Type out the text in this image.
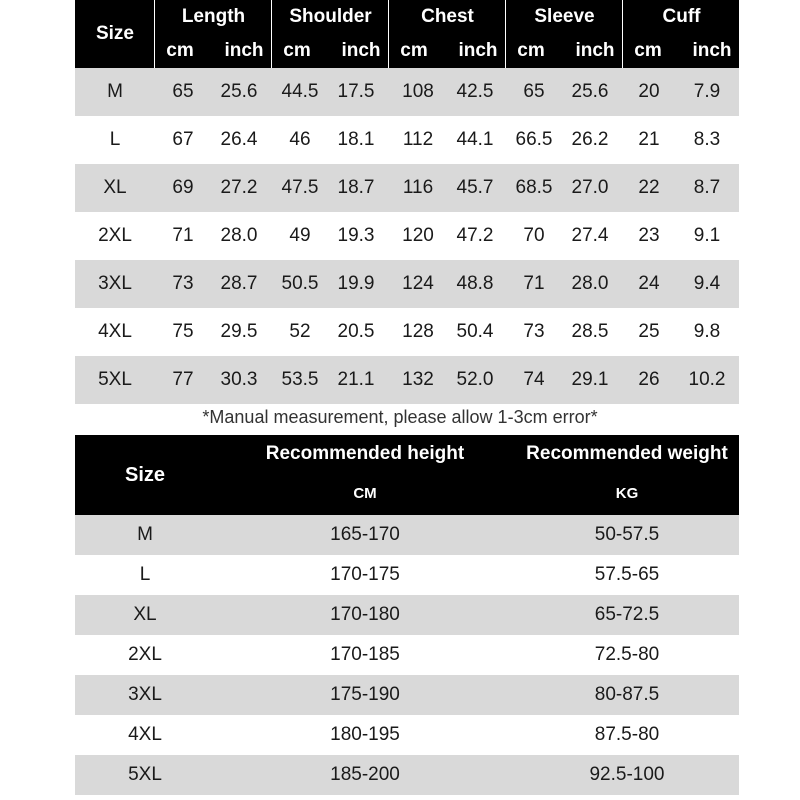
Size
Length
cm	inch
Shoulder
cm	inch
Chest
cm	inch
Sleeve
cm	inch
Cuff
cm	inch
M	65	25.6	44.5	17.5	108	42.5	65	25.6	20	7.9
L	67	26.4	46	18.1	112	44.1	66.5	26.2	21	8.3
XL	69	27.2	47.5	18.7	116	45.7	68.5	27.0	22	8.7
2XL	71	28.0	49	19.3	120	47.2	70	27.4	23	9.1
3XL	73	28.7	50.5	19.9	124	48.8	71	28.0	24	9.4
4XL	75	29.5	52	20.5	128	50.4	73	28.5	25	9.8
5XL	77	30.3	53.5	21.1	132	52.0	74	29.1	26	10.2
*Manual measurement, please allow 1-3cm error*
Size
Recommended height
CM
Recommended weight
KG
M	165-170	50-57.5
L	170-175	57.5-65
XL	170-180	65-72.5
2XL	170-185	72.5-80
3XL	175-190	80-87.5
4XL	180-195	87.5-80
5XL	185-200	92.5-100
